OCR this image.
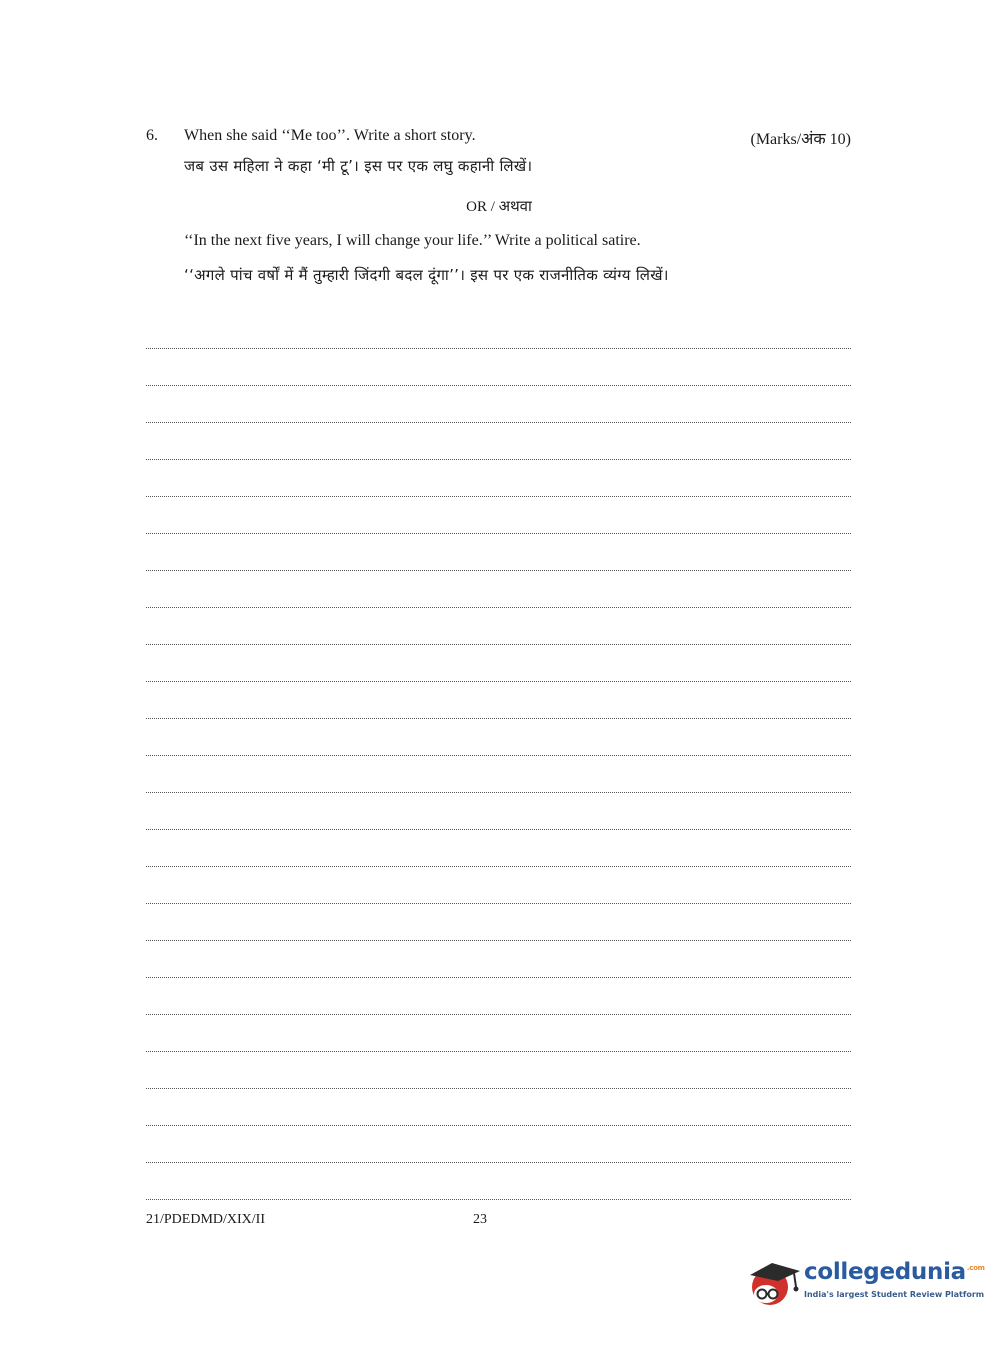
6. When she said ‘‘Me too’’. Write a short story.	(Marks/अंक 10)
जब उस महिला ने कहा ‘मी टू’। इस पर एक लघु कहानी लिखें।
OR / अथवा
‘‘In the next five years, I will change your life.’’ Write a political satire.
‘‘अगले पांच वर्षों में मैं तुम्हारी जिंदगी बदल दूंगा’’। इस पर एक राजनीतिक व्यंग्य लिखें।
21/PDEDMD/XIX/II	23
collegedunia$^{.com}$
India's largest Student Review Platform
